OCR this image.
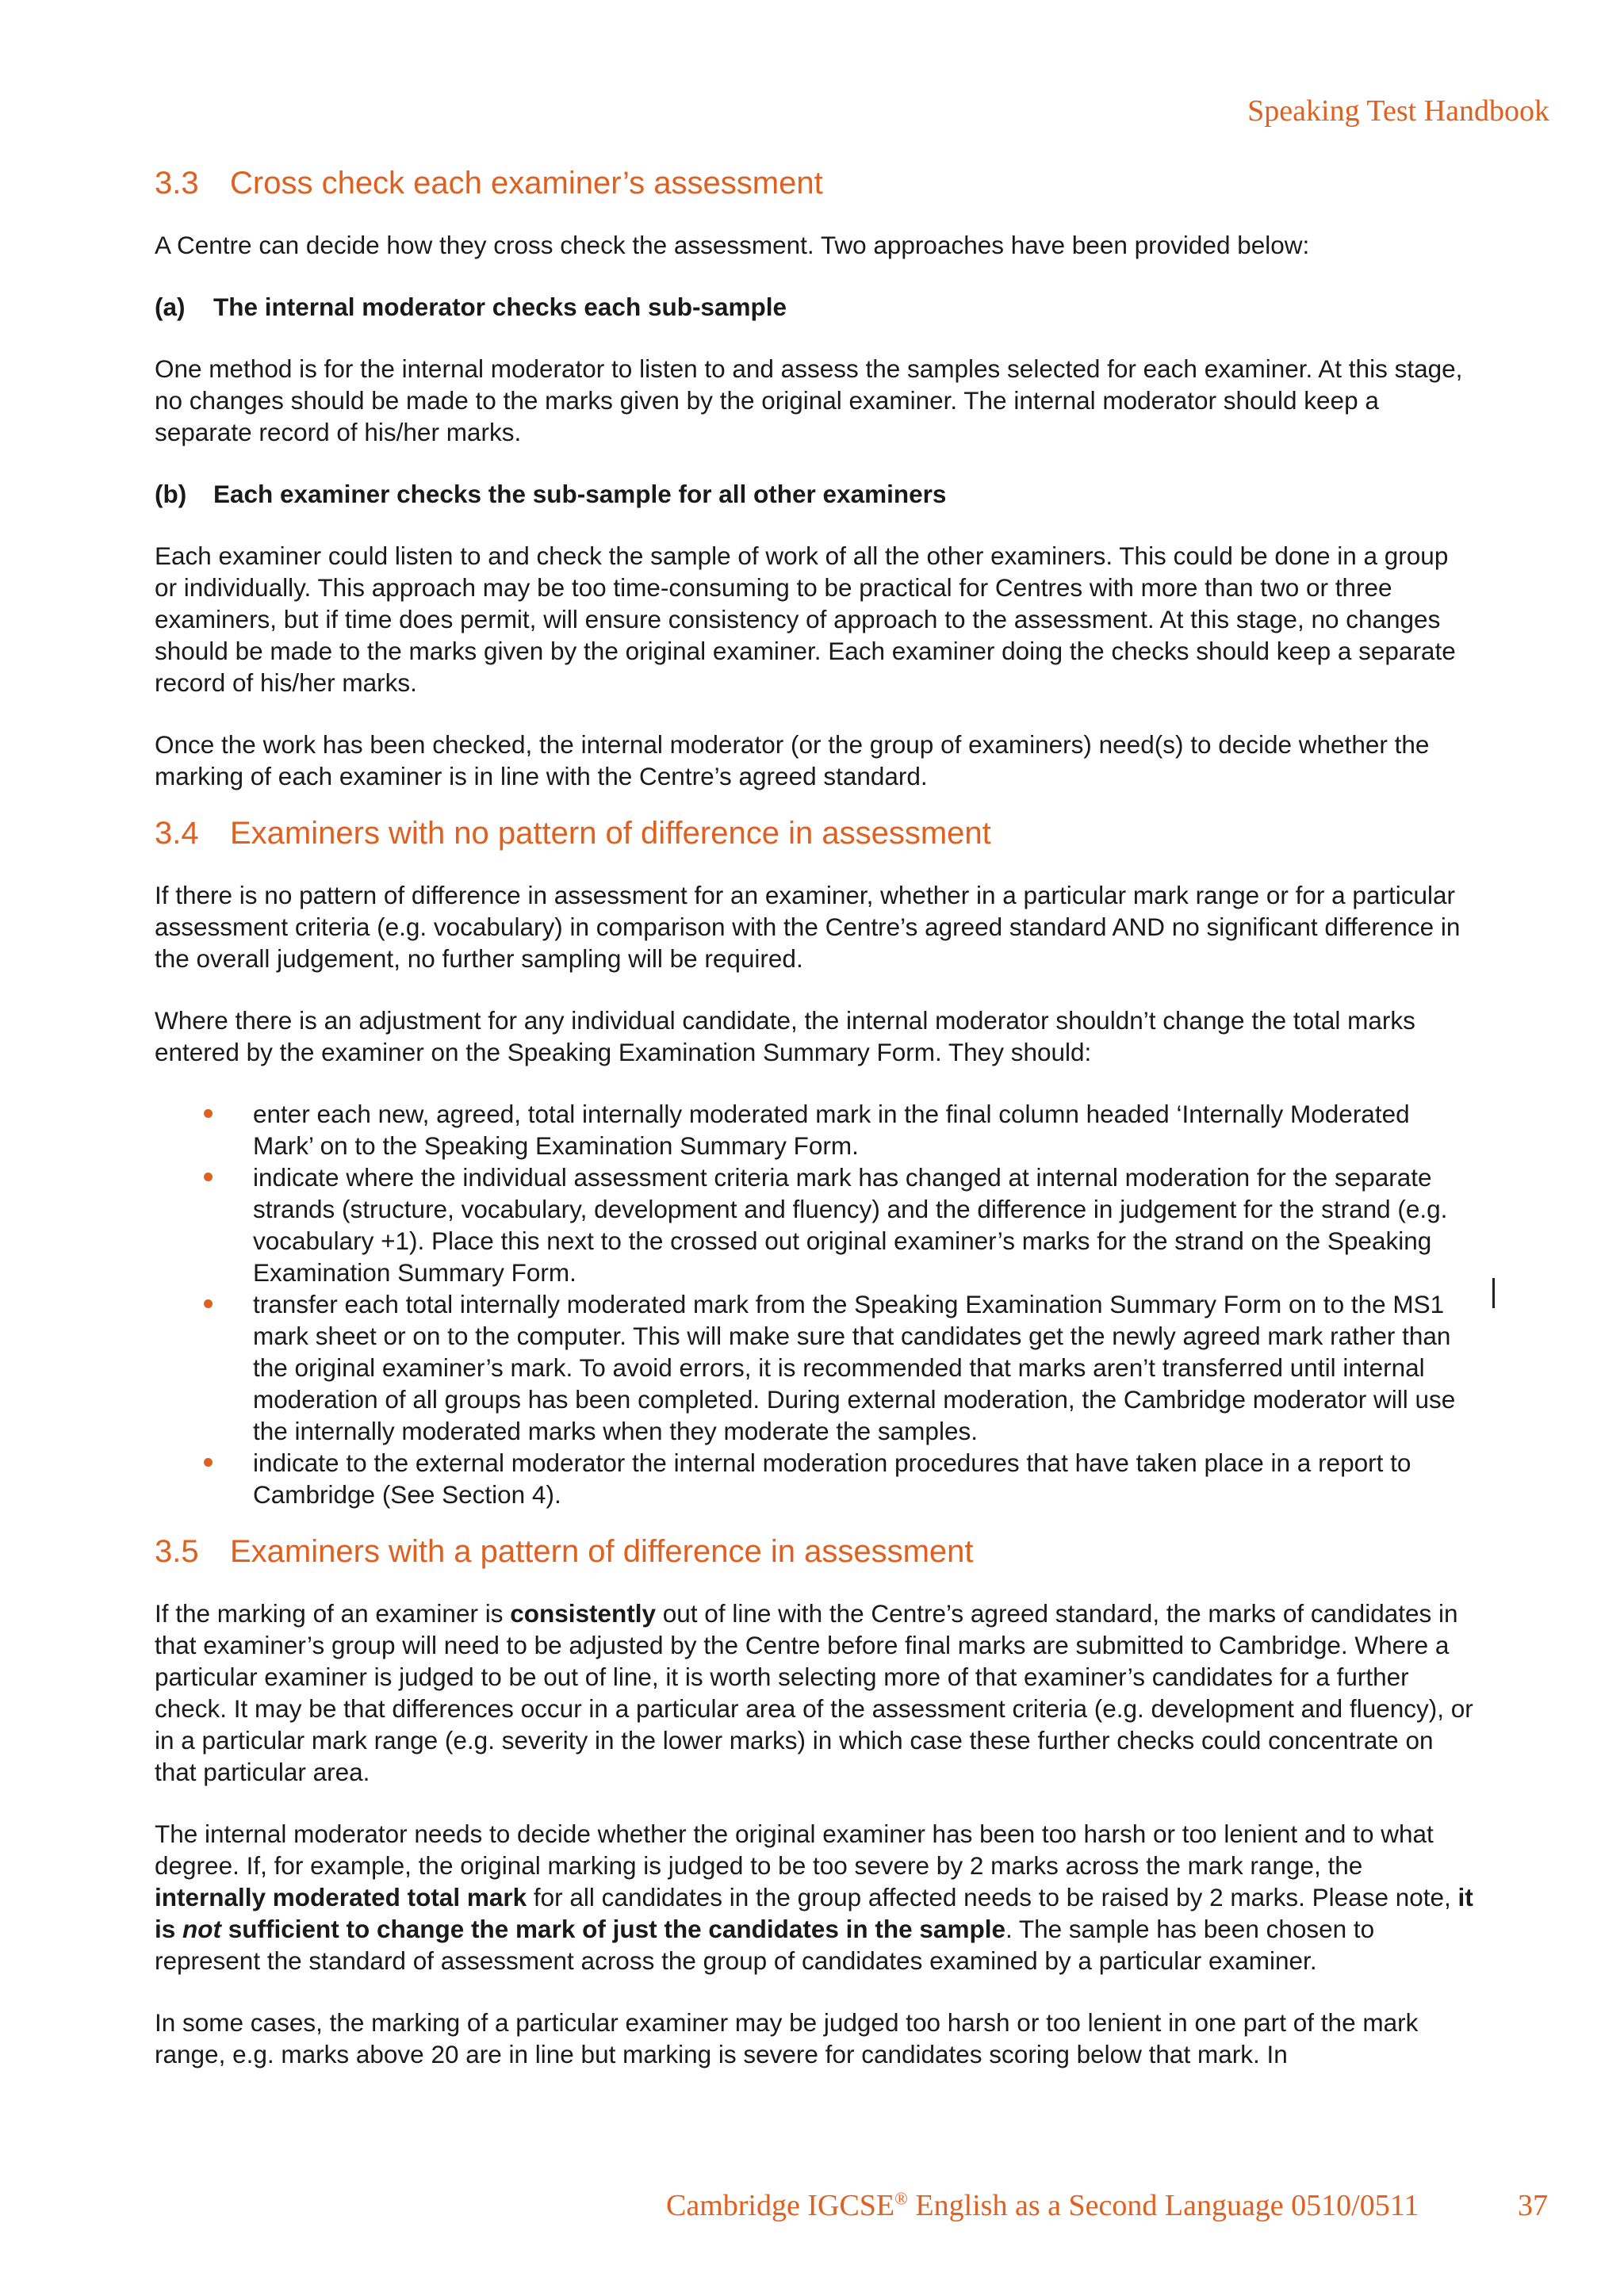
Speaking Test Handbook
3.3 Cross check each examiner’s assessment

A Centre can decide how they cross check the assessment. Two approaches have been provided below:

(a) The internal moderator checks each sub-sample

One method is for the internal moderator to listen to and assess the samples selected for each examiner. At this stage, no changes should be made to the marks given by the original examiner. The internal moderator should keep a separate record of his/her marks.

(b) Each examiner checks the sub-sample for all other examiners

Each examiner could listen to and check the sample of work of all the other examiners. This could be done in a group or individually. This approach may be too time-consuming to be practical for Centres with more than two or three examiners, but if time does permit, will ensure consistency of approach to the assessment. At this stage, no changes should be made to the marks given by the original examiner. Each examiner doing the checks should keep a separate record of his/her marks.

Once the work has been checked, the internal moderator (or the group of examiners) need(s) to decide whether the marking of each examiner is in line with the Centre’s agreed standard.

3.4 Examiners with no pattern of difference in assessment

If there is no pattern of difference in assessment for an examiner, whether in a particular mark range or for a particular assessment criteria (e.g. vocabulary) in comparison with the Centre’s agreed standard AND no significant difference in the overall judgement, no further sampling will be required.

Where there is an adjustment for any individual candidate, the internal moderator shouldn’t change the total marks entered by the examiner on the Speaking Examination Summary Form. They should:

enter each new, agreed, total internally moderated mark in the final column headed ‘Internally Moderated Mark’ on to the Speaking Examination Summary Form.
indicate where the individual assessment criteria mark has changed at internal moderation for the separate strands (structure, vocabulary, development and fluency) and the difference in judgement for the strand (e.g. vocabulary +1). Place this next to the crossed out original examiner’s marks for the strand on the Speaking Examination Summary Form.
transfer each total internally moderated mark from the Speaking Examination Summary Form on to the MS1 mark sheet or on to the computer. This will make sure that candidates get the newly agreed mark rather than the original examiner’s mark. To avoid errors, it is recommended that marks aren’t transferred until internal moderation of all groups has been completed. During external moderation, the Cambridge moderator will use the internally moderated marks when they moderate the samples.
indicate to the external moderator the internal moderation procedures that have taken place in a report to Cambridge (See Section 4).
3.5 Examiners with a pattern of difference in assessment

If the marking of an examiner is consistently out of line with the Centre’s agreed standard, the marks of candidates in that examiner’s group will need to be adjusted by the Centre before final marks are submitted to Cambridge. Where a particular examiner is judged to be out of line, it is worth selecting more of that examiner’s candidates for a further check. It may be that differences occur in a particular area of the assessment criteria (e.g. development and fluency), or in a particular mark range (e.g. severity in the lower marks) in which case these further checks could concentrate on that particular area.

The internal moderator needs to decide whether the original examiner has been too harsh or too lenient and to what degree. If, for example, the original marking is judged to be too severe by 2 marks across the mark range, the internally moderated total mark for all candidates in the group affected needs to be raised by 2 marks. Please note, it is not sufficient to change the mark of just the candidates in the sample. The sample has been chosen to represent the standard of assessment across the group of candidates examined by a particular examiner.

In some cases, the marking of a particular examiner may be judged too harsh or too lenient in one part of the mark range, e.g. marks above 20 are in line but marking is severe for candidates scoring below that mark. In

Cambridge IGCSE® English as a Second Language 0510/0511	37
